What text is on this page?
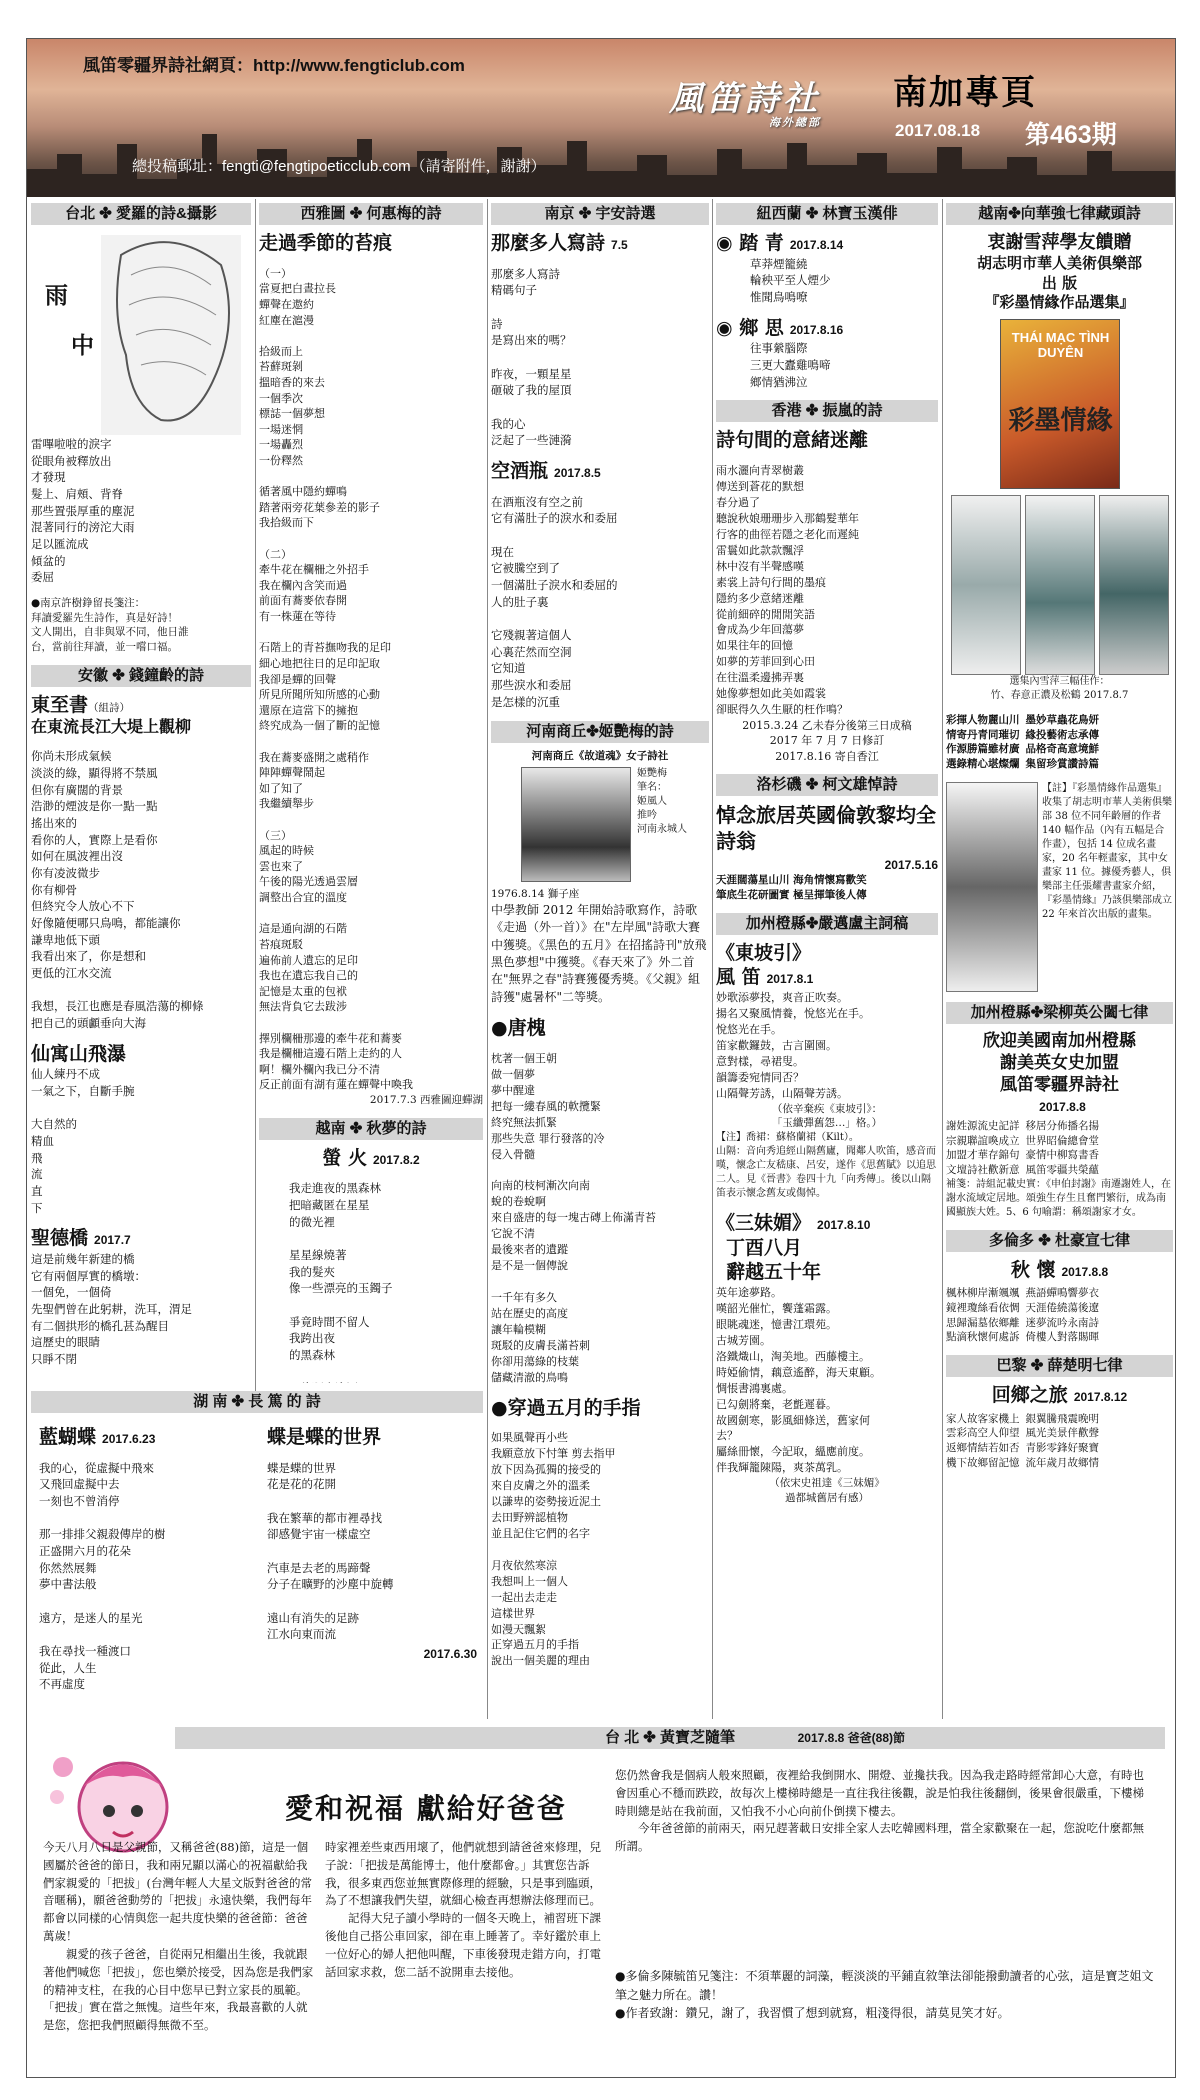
風笛零疆界詩社網頁：http://www.fengticlub.com
總投稿郵址：fengti@fengtipoeticclub.com（請寄附件，謝謝）
風笛詩社
海外總部
南加專頁
2017.08.18 第463期
台北 ✤ 愛羅的詩&攝影
雨
中
雷嗶啦啦的淚字
從眼角被釋放出
才發現
髮上、肩頰、背脊
那些置張厚重的塵泥
混著同行的滂沱大雨
足以匯流成
傾盆的
委屈
●南京許樹錚留長箋注：
拜讀愛羅先生詩作，真是好詩！
文人開出，自非與眾不同，他日誰
台，當前往拜讀，並一嚐口福。
安徽 ✤ 錢鐘齡的詩
東至書（組詩）
在東流長江大堤上觀柳
你尚未形成氣候
淡淡的綠，顯得將不禁風
但你有廣闊的背景
浩渺的煙波是你一點一點
搖出來的
看你的人，實際上是看你
如何在風波裡出沒
你有凌波微步
你有柳骨
但終究令人放心不下
好像隨便哪只鳥鳴，都能讓你
謙卑地低下頭
我看出來了，你是想和
更低的江水交流

我想，長江也應是春風浩蕩的柳條
把自己的頭顱垂向大海
仙寓山飛瀑
仙人練丹不成
一氣之下，自斷手腕

大自然的
精血
飛
流
直
下
聖德橋 2017.7
這是前幾年新建的橋
它有兩個厚實的橋墩：
一個免，一個倚
先聖們曾在此躬耕，洗耳，渭足
有二個拱形的橋孔甚為醒目
這歷史的眼睛
只睜不閉
西雅圖 ✤ 何惠梅的詩
走過季節的苔痕
（一）
當夏把白晝拉長
蟬聲在遨約
紅塵在滬漫

拾級而上
苔蘚斑剝
搵暗香的來去
一個季次
標誌一個夢想
一場迷惘
一場轟烈
一份釋然

循著風中隱約蟬鳴
踏著兩旁花葉參差的影子
我拾級而下

（二）
牽牛花在欄柵之外招手
我在欄內含笑而過
前面有蕎麥依春開
有一株蓮在等待

石階上的青苔撫吻我的足印
細心地把往日的足印記取
我卻是蟬的回聲
所見所聞所知所感的心動
還原在這當下的擁抱
終究成為一個了斷的記憶

我在蕎麥盛開之處稍作
陣陣蟬聲鬧起
如了知了
我繼續舉步

（三）
風起的時候
雲也來了
午後的陽光透過雲層
調整出合宜的溫度

這是通向湖的石階
苔痕斑駁
遍佈前人遺忘的足印
我也在遺忘我自己的
記憶是太重的包袱
無法背負它去跋涉

擇別欄柵那邊的牽牛花和蕎麥
我是欄柵這邊石階上走約的人
啊！欄外欄內我已分不清
反正前面有湖有蓮在蟬聲中喚我
2017.7.3 西雅圖迎蟬湖
越南 ✤ 秋夢的詩
螢 火 2017.8.2
我走進夜的黑森林
把暗藏匿在星星
的微光裡

星星線燒著
我的髮夾
像一些漂亮的玉鐲子

爭竟時間不留人
我跨出夜
的黑森林

南京 ✤ 宇安詩選
那麼多人寫詩 7.5
那麼多人寫詩
精碼句子

詩
是寫出來的嗎？

昨夜，一顆星星
砸破了我的屋頂

我的心
泛起了一些漣漪
空酒瓶 2017.8.5
在酒瓶沒有空之前
它有滿肚子的淚水和委屈

現在
它被騰空到了
一個滿肚子淚水和委屈的
人的肚子裏

它殘親著這個人
心裏茫然而空洞
它知道
那些淚水和委屈
是怎樣的沉重
河南商丘✤姬艷梅的詩
河南商丘《故道魂》女子詩社
姬艷梅
筆名：
姬風人
推吟
河南永城人
1976.8.14 獅子座
中學教師 2012 年開始詩歌寫作，詩歌《走過（外一首）》在"左岸風"詩歌大賽中獲獎。《黑色的五月》在招搖詩刊"放飛黑色夢想"中獲獎。《春天來了》外二首在"無界之春"詩賽獲優秀獎。《父親》組詩獲"處暑杯"二等獎。
●唐槐
枕著一個王朝
做一個夢
夢中醒違
把每一縷春風的軟攬緊
終究無法抓緊
那些失意 罪行發落的冷
侵入骨髓

向南的枝柯漸次向南
蛻的卷蛻啊
來自盛唐的每一塊古磚上佈滿青苔
它說不清
最後來者的遺蹤
是不是一個傳說

一千年有多久
站在歷史的高度
讓年輪模糊
斑駁的皮膚長滿苔刺
你卻用蕩綠的枝葉
儲藏清澈的鳥鳴
●穿過五月的手指
如果風聲再小些
我願意放下忖筆 剪去指甲
放下因為孤獨的接受的
來自皮膚之外的溫柔
以謙卑的姿勢接近泥土
去田野辨認植物
並且記住它們的名字

月夜依然寒涼
我想叫上一個人
一起出去走走
這樣世界
如漫天飄絮
正穿過五月的手指
說出一個美麗的理由
紐西蘭 ✤ 林寶玉漢俳
◉ 踏 青 2017.8.14
草莽煙籠繞
輪秧平至人煙少
惟聞鳥鳴嘹
◉ 鄉 思 2017.8.16
往事縈腦際
三更大蠹雞鳴啼
鄉情猶沸泣
香港 ✤ 振嵐的詩
詩句間的意緒迷離
雨水灑向青翠樹叢
傳送到蒼花的默想
春分過了
聽說秋娘珊珊步入那鶴髮華年
行客的曲徑若隱之老化而遲純
雷鬟如此款款飄浮
林中沒有半聲感嘆
素裳上詩句行間的墨痕
隱約多少意緒迷離
從前細碎的閒閒笑語
會成為少年回蕩夢
如果往年的回憶
如夢的芳菲回到心田
在往溫柔邊拂弄裏
她像夢想如此美如霞裳
卻眠得久久生厭的枉作鳴？
2015.3.24 乙未春分後第三日成稿
2017 年 7 月 7 日修訂
2017.8.16 寄自香江
洛杉磯 ✤ 柯文雄悼詩
悼念旅居英國倫敦黎均全詩翁
2017.5.16
天涯闊蕩星山川 海角情懷寫歡笑
筆底生花研圖實 極呈揮筆後人傳
加州橙縣✤嚴邁盧主詞稿
《東坡引》
風 笛 2017.8.1
妙歌添夢投，爽音正吹奏。
揚名又聚風情養，悅悠光在手。
悅悠光在手。
笛家歡鑼鼓，古言圍園。
意對樣，尋裙叟。
韻籌委宛情同否？
山隔聲芳誘，山隔聲芳誘。
（依辛棄疾《東坡引》：
「玉纖彈舊怨…」格。）
【注】喬裙：蘇格蘭裙（Kilt）。
山隔：音向秀追經山隔舊廬，聞鄰人吹笛，感音而嘆，懷念亡友嵇康、呂安，遂作《思舊賦》以追思二人。見《晉書》卷四十九「向秀傳」。後以山隔笛表示懷念舊友或傷悼。
《三妹媚》 2017.8.10
丁酉八月
辭越五十年
英年途夢路。
嘆韶光催忙，饗蓬霜露。
眼眺魂迷，憶書江環苑。
古城芳園。
洛鐵熾山，淘美地。西藤樓主。
時婭偷情，藕意遙醉，海天東顧。
惆悵書鴻裏處。
已勾劍將棄，老氈遲暮。
故國劍寒，影風細條送，舊家何
去？
屬絲冊懷，今記取，縕應前度。
伴我輝籠陳陽，爽茶萬乳。
（依宋史祖達《三妹媚》
過都城舊居有感）
越南✤向華強七律藏頭詩
衷謝雪萍學友饋贈
胡志明市華人美術俱樂部
出 版
『彩墨情緣作品選集』
THÁI MẠC TÌNH DUYÊN
彩墨情緣
選集內雪萍三幅佳作：
竹、春意正濃及松鶴 2017.8.7
彩揮人物麗山川
情寄丹青同璀切
作源勝篇雖材廣
選錄精心堪燦爛
墨妙草蟲花鳥妍
緣投藝術志承傳
品格奇高意境鮮
集留珍賞讚詩篇
【註】『彩墨情緣作品選集』收集了胡志明市華人美術俱樂部 38 位不同年齡層的作者 140 幅作品（內有五幅是合作畫），包括 14 位成名畫家，20 名年輕畫家，其中女畫家 11 位。據優秀藝人，俱樂部主任張耀書畫家介紹，『彩墨情緣』乃該俱樂部成立 22 年來首次出版的畫集。
加州橙縣✤梁柳英公闔七律
欣迎美國南加州橙縣
謝美英女史加盟
風笛零疆界詩社
2017.8.8
謝姓源流史記詳
宗親聯誼喚成立
加盟才華存錦句
文壇詩社歡新意
移居分佈播名揚
世界昭倫總會堂
豪情中柳寫書香
風笛零疆共榮蘊
補箋：詩組記載史實：《申伯封謝》南遷謝姓人，在謝水流域定居地。頌強生存生且奮門繁衍，成為南國顯族大姓。5、6 句喻謂：稱頌謝家才女。
多倫多 ✤ 杜豪宣七律
秋 懷 2017.8.8
楓林柳岸漸颯颯
鏡裡瓊絲看依惆
思歸漏墓依鄉離
點滴秋懷何處訴
燕語蟬鳴響夢衣
天涯倦繞蕩後遼
迷夢流吟永南詩
倚樓人對落賜暉
巴黎 ✤ 薛楚明七律
回鄉之旅 2017.8.12
家人故客家機上
雲彩高空人仰望
返鄉情結若如否
機下故鄉留記憶
銀翼騰飛震晚明
風光美景伴歡聲
青影零鋒好聚寶
流年歲月故鄉情
湖 南 ✤ 長 篤 的 詩
藍蝴蝶 2017.6.23
我的心，從虛擬中飛來
又飛回虛擬中去
一刻也不曾消停

那一排排父親殺傳岸的樹
正盛開六月的花朵
你然然展舞
夢中書法般

遠方，是迷人的星光

我在尋找一種渡口
從此，人生
不再虛度
蝶是蝶的世界
蝶是蝶的世界
花是花的花開

我在繁華的都市裡尋找
卻感覺宇宙一樣虛空

汽車是去老的馬蹄聲
分子在曠野的沙塵中旋轉

遠山有消失的足跡
江水向東而流
2017.6.30
台 北 ✤ 黃寶芝隨筆	2017.8.8 爸爸(88)節
愛和祝福 獻給好爸爸
今天八月八日是父親節，又稱爸爸(88)節，這是一個國屬於爸爸的節日，我和兩兄顯以滿心的祝福獻給我們家親愛的「把拔」(台灣年輕人大星文版對爸爸的常音暱稱)，願爸爸動勞的「把拔」永遠快樂，我們每年都會以同樣的心情與您一起共度快樂的爸爸節：爸爸萬歲！
　　親愛的孩子爸爸，自從兩兄相繼出生後，我就跟著他們喊您「把拔」，您也樂於接受，因為您是我們家的精神支柱，在我的心目中您早已對立家長的風範。「把拔」實在當之無愧。這些年來，我最喜歡的人就是您，您把我們照顧得無微不至。
時家裡差些東西用壞了，他們就想到請爸爸來修理，兒子說：「把拔是萬能博士，他什麼都會。」其實您告訴我，很多東西您並無實際修理的經驗，只是事到臨頭，為了不想讓我們失望，就細心檢查再想辦法修理而已。
　　記得大兒子讀小學時的一個冬天晚上，補習班下課後他自己搭公車回家，卻在車上睡著了。幸好鑑於車上一位好心的婦人把他叫醒，下車後發現走錯方向，打電話回家求救，您二話不說開車去接他。
您仍然會我是個病人般來照顧，夜裡給我倒開水、開燈、並攙扶我。因為我走路時經常卸心大意，有時也會因重心不穩而跌跤，故每次上樓梯時總是一直往我往後觀，說是怕我往後翻倒，後果會很嚴重，下樓梯時則總是站在我前面，又怕我不小心向前仆倒撲下樓去。
　　今年爸爸節的前兩天，兩兄趕著載日安排全家人去吃韓國料理，當全家歡聚在一起，您說吃什麼都無所謂。
●多倫多陳毓笛兄箋注：不須華麗的詞藻，輕淡淡的平鋪直敘筆法卻能撥動讀者的心弦，這是寶芝姐文筆之魅力所在。讚！
●作者致謝：鑽兄，謝了，我習慣了想到就寫，粗淺得很，請莫見笑才好。
